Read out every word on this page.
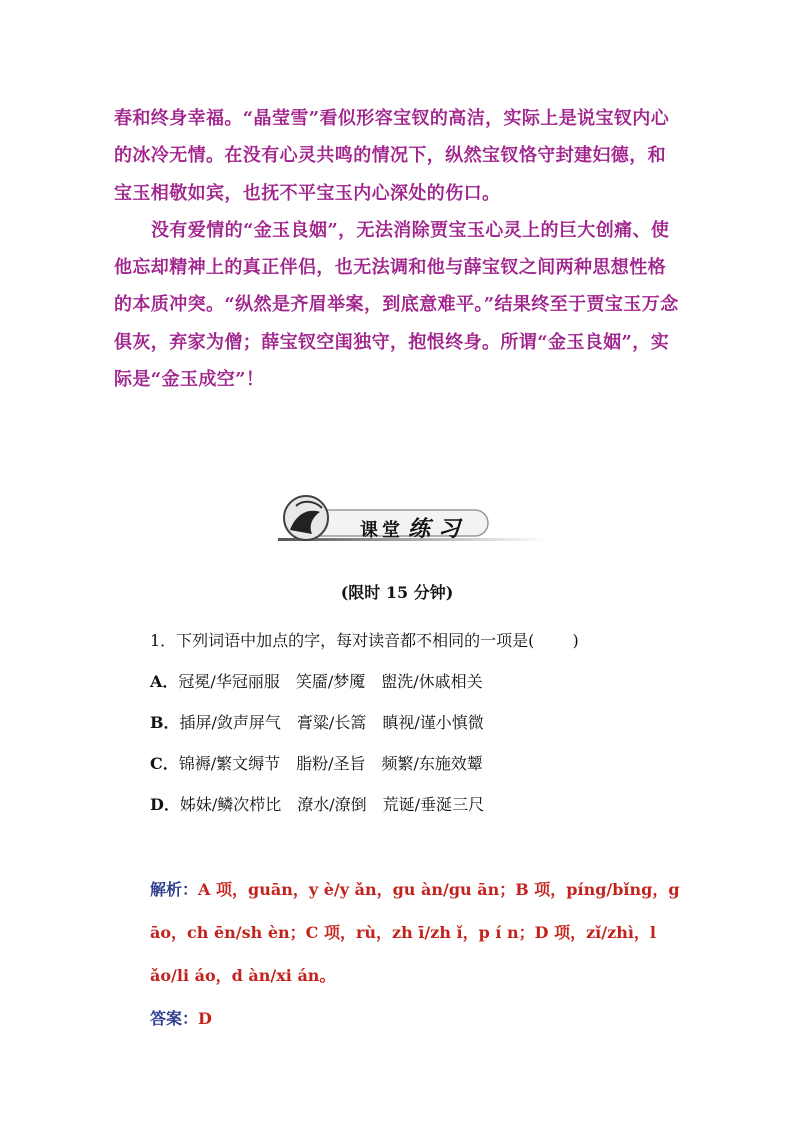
春和终身幸福。“晶莹雪”看似形容宝钗的高洁，实际上是说宝钗内心的冰冷无情。在没有心灵共鸣的情况下，纵然宝钗恪守封建妇德，和宝玉相敬如宾，也抚不平宝玉内心深处的伤口。

没有爱情的“金玉良姻”，无法消除贾宝玉心灵上的巨大创痛、使他忘却精神上的真正伴侣，也无法调和他与薛宝钗之间两种思想性格的本质冲突。“纵然是齐眉举案，到底意难平。”结果终至于贾宝玉万念俱灰，弃家为僧；薛宝钗空闺独守，抱恨终身。所谓“金玉良姻”，实际是“金玉成空”！

课堂 练习
(限时 15 分钟)

1．下列词语中加点的字，每对读音都不相同的一项是( )

A．冠冕/华冠丽服　笑靥/梦魇　盥洗/休戚相关

B．插屏/敛声屏气　膏粱/长篙　瞋视/谨小慎微

C．锦褥/繁文缛节　脂粉/圣旨　频繁/东施效颦

D．姊妹/鳞次栉比　潦水/潦倒　荒诞/垂涎三尺

解析：A 项，guān，y è/y ǎn，gu àn/gu ān；B 项，píng/bǐng，g āo，ch ēn/sh èn；C 项，rù，zh ī/zh ǐ，p í n；D 项，zǐ/zhì，l ǎo/li áo，d àn/xi án。

答案：D
